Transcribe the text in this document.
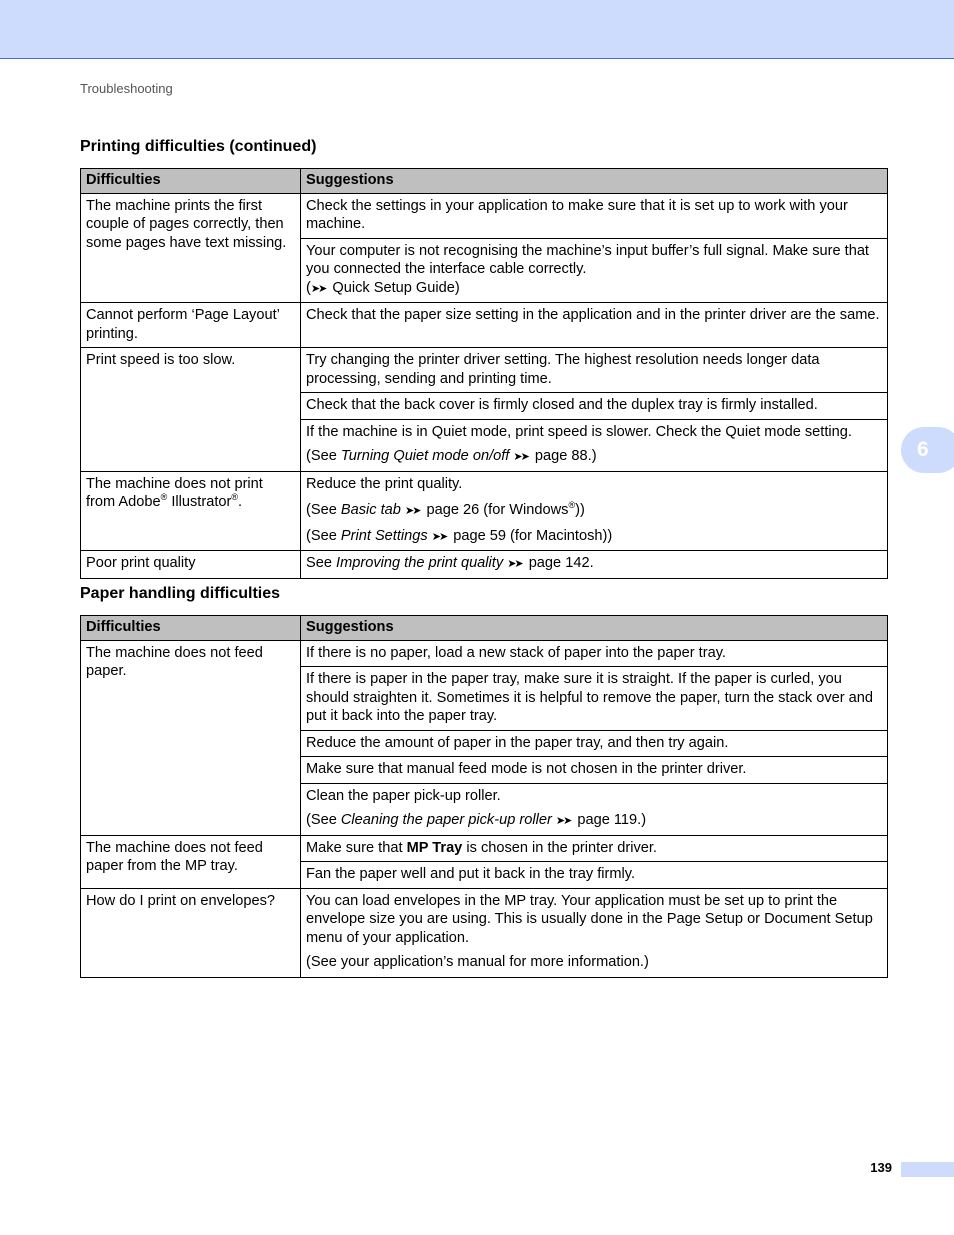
Troubleshooting
Printing difficulties (continued)
Difficulties	Suggestions
The machine prints the first couple of pages correctly, then some pages have text missing.	Check the settings in your application to make sure that it is set up to work with your machine.

	Your computer is not recognising the machine’s input buffer’s full signal. Make sure that you connected the interface cable correctly.
(➤➤ Quick Setup Guide)

Cannot perform ‘Page Layout’ printing.	Check that the paper size setting in the application and in the printer driver are the same.
Print speed is too slow.	Try changing the printer driver setting. The highest resolution needs longer data processing, sending and printing time.
	Check that the back cover is firmly closed and the duplex tray is firmly installed.

	If the machine is in Quiet mode, print speed is slower. Check the Quiet mode setting.
(See Turning Quiet mode on/off ➤➤ page 88.)

The machine does not print from Adobe® Illustrator®.	Reduce the print quality.
(See Basic tab ➤➤ page 26 (for Windows®))
(See Print Settings ➤➤ page 59 (for Macintosh))

Poor print quality	See Improving the print quality ➤➤ page 142.
Paper handling difficulties
Difficulties	Suggestions
The machine does not feed paper.	If there is no paper, load a new stack of paper into the paper tray.
	If there is paper in the paper tray, make sure it is straight. If the paper is curled, you should straighten it. Sometimes it is helpful to remove the paper, turn the stack over and put it back into the paper tray.
	Reduce the amount of paper in the paper tray, and then try again.
	Make sure that manual feed mode is not chosen in the printer driver.

	Clean the paper pick-up roller.
(See Cleaning the paper pick-up roller ➤➤ page 119.)

The machine does not feed paper from the MP tray.	Make sure that MP Tray is chosen in the printer driver.
	Fan the paper well and put it back in the tray firmly.
How do I print on envelopes?	You can load envelopes in the MP tray. Your application must be set up to print the envelope size you are using. This is usually done in the Page Setup or Document Setup menu of your application.
(See your application’s manual for more information.)
6
139
